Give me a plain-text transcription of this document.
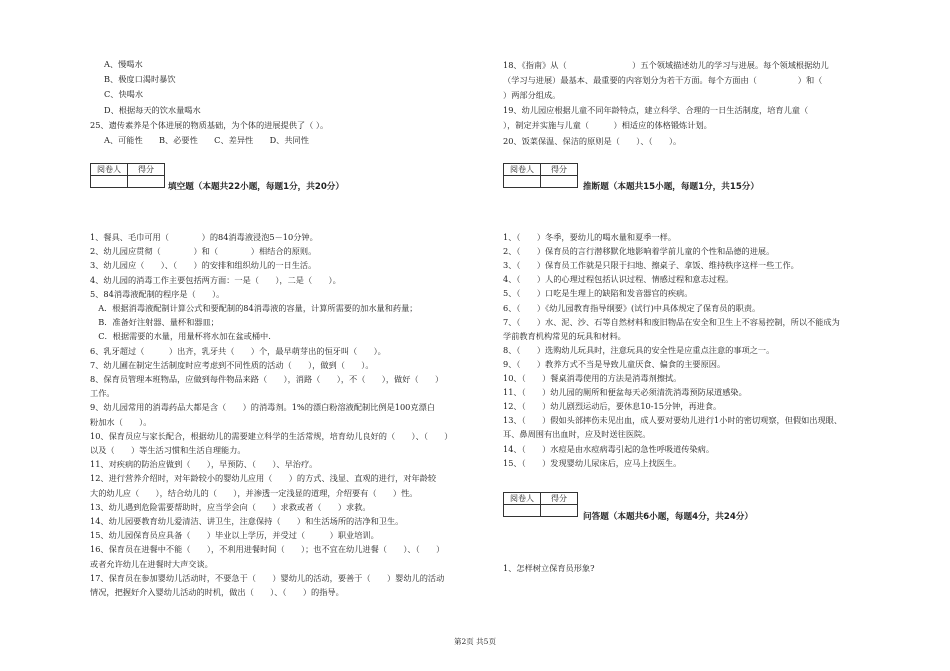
A、慢喝水
B、极度口渴时暴饮
C、快喝水
D、根据每天的饮水量喝水
25、遗传素养是个体进展的物质基础，为个体的进展提供了（ ）。
A、可能性　　B、必要性　　C、差异性　　D、共同性
阅卷人	得分

填空题（本题共22小题，每题1分，共20分）
1、餐具、毛巾可用（　　　　）的84消毒液浸泡5－10分钟。
2、幼儿园应贯彻（　　　　）和（　　　　）相结合的原则。
3、幼儿园应（　　）、（　　）的安排和组织幼儿的一日生活。
4、幼儿园的消毒工作主要包括两方面：一是（　　），二是（　　）。
5、84消毒液配制的程序是（　　）。
　A．根据消毒液配制计算公式和要配制的84消毒液的容量，计算所需要的加水量和药量；
　B．准备好注射器、量杯和器皿；
　C．根据需要的水量，用量杯将水加在盆或桶中.
6、乳牙超过（　　　）出齐，乳牙共（　　）个，最早萌芽出的恒牙叫（　　）。
7、幼儿圃在制定生活制度时应考虑到不同性质的活动（　　），做到（　　）。
8、保育员管理本班物品，应做到每件物品来路（　　），消路（　　），不（　　），做好（　　）
工作。
9、幼儿园常用的消毒药品大都是含（　　）的消毒剂。1%的漂白粉溶液配制比例是100克漂白
粉加水（　　）。
10、保育员应与家长配合，根据幼儿的需要建立科学的生活常规，培育幼儿良好的（　　）、（　　）
以及（　　）等生活习惯和生活自理能力。
11、对疾病的防治应做到（　　），早预防、（　　）、早治疗。
12、进行营养介绍时，对年龄较小的婴幼儿应用（　　）的方式、浅显、直观的进行，对年龄较
大的幼儿应（　　），结合幼儿的（　　），并渗透一定浅显的道理，介绍要有（　　）性。
13、幼儿遇到危险需要帮助时，应当学会向（　　）求救或者（　　）求救。
14、幼儿园要教育幼儿爱清洁、讲卫生，注意保持（　　）和生活场所的洁净和卫生。
15、幼儿园保育员应具备（　　）毕业以上学历，并受过（　　　）职业培训。
16、保育员在进餐中不能（　　），不利用进餐时间（　　）；也不宜在幼儿进餐（　　）、（　　）
或者允许幼儿在进餐时大声交谈。
17、保育员在参加婴幼儿活动时，不要急于（　　）婴幼儿的活动，要善于（　　）婴幼儿的活动
情况，把握好介入婴幼儿活动的时机，做出（　　）、（　　）的指导。
18、《指南》从（　　　　　　　　）五个领域描述幼儿的学习与进展。每个领域根据幼儿
（学习与进展）最基本、最重要的内容划分为若干方面。每个方面由（　　　　　）和（
）两部分组成。
19、幼儿园应根据儿童不同年龄特点，建立科学、合理的一日生活制度，培育儿童（
），制定并实施与儿童（　　　）相适应的体格锻炼计划。
20、饭菜保温、保洁的原则是（　　）、（　　）。
阅卷人	得分

推断题（本题共15小题，每题1分，共15分）
1、（　　）冬季，要幼儿的喝水量和夏季一样。
2、（　　）保育员的言行潜移默化地影响着学前儿童的个性和品德的进展。
3、（　　）保育员工作就是只限于扫地、擦桌子、拿饭、维持秩序这样一些工作。
4、（　　）人的心理过程包括认识过程、情感过程和意志过程。
5、（　　）口吃是生理上的缺陷和发音器官的疾病。
6、（　　）《幼儿园教育指导纲要》(试行)中具体规定了保育员的职责。
7、（　　）水、泥、沙、石等自然材料和废旧物品在安全和卫生上不容易控制，所以不能成为
学前教育机构常见的玩具和材料。
8、（　　）选购幼儿玩具时，注意玩具的安全性是应重点注意的事项之一。
9、（　　）教养方式不当是导致儿童厌食、偏食的主要原因。
10、（　　）餐桌消毒使用的方法是消毒剂擦拭。
11、（　　）幼儿园的厕所和便盆每天必须清洗消毒预防尿道感染。
12、（　　）幼儿剧烈运动后，要休息10-15分钟，再进食。
13、（　　）假如头部摔伤未见出血，成人要对要幼儿进行1小时的密切观察，但假如出现眼、
耳、鼻周围有出血时，应及时送往医院。
14、（　　）水痘是由水痘病毒引起的急性呼吸道传染病。
15、（　　）发现婴幼儿尿床后，应马上找医生。
阅卷人	得分

问答题（本题共6小题，每题4分，共24分）
1、怎样树立保育员形象?
第2页 共5页
